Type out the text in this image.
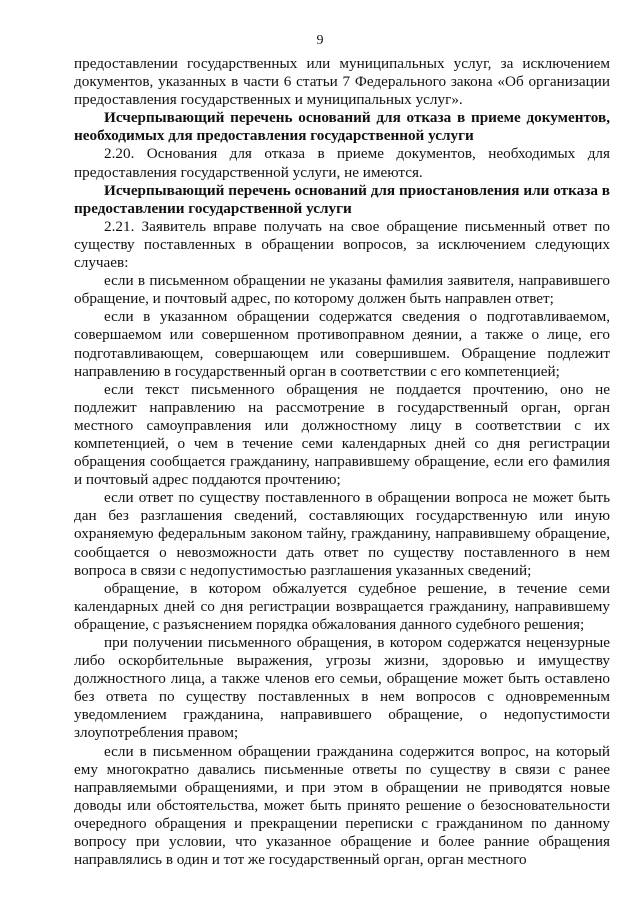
9

предоставлении государственных или муниципальных услуг, за исключением документов, указанных в части 6 статьи 7 Федерального закона «Об организации предоставления государственных и муниципальных услуг».

Исчерпывающий перечень оснований для отказа в приеме документов, необходимых для предоставления государственной услуги

2.20. Основания для отказа в приеме документов, необходимых для предоставления государственной услуги, не имеются.

Исчерпывающий перечень оснований для приостановления или отказа в предоставлении государственной услуги

2.21. Заявитель вправе получать на свое обращение письменный ответ по существу поставленных в обращении вопросов, за исключением следующих случаев:

если в письменном обращении не указаны фамилия заявителя, направившего обращение, и почтовый адрес, по которому должен быть направлен ответ;

если в указанном обращении содержатся сведения о подготавливаемом, совершаемом или совершенном противоправном деянии, а также о лице, его подготавливающем, совершающем или совершившем. Обращение подлежит направлению в государственный орган в соответствии с его компетенцией;

если текст письменного обращения не поддается прочтению, оно не подлежит направлению на рассмотрение в государственный орган, орган местного самоуправления или должностному лицу в соответствии с их компетенцией, о чем в течение семи календарных дней со дня регистрации обращения сообщается гражданину, направившему обращение, если его фамилия и почтовый адрес поддаются прочтению;

если ответ по существу поставленного в обращении вопроса не может быть дан без разглашения сведений, составляющих государственную или иную охраняемую федеральным законом тайну, гражданину, направившему обращение, сообщается о невозможности дать ответ по существу поставленного в нем вопроса в связи с недопустимостью разглашения указанных сведений;

обращение, в котором обжалуется судебное решение, в течение семи календарных дней со дня регистрации возвращается гражданину, направившему обращение, с разъяснением порядка обжалования данного судебного решения;

при получении письменного обращения, в котором содержатся нецензурные либо оскорбительные выражения, угрозы жизни, здоровью и имуществу должностного лица, а также членов его семьи, обращение может быть оставлено без ответа по существу поставленных в нем вопросов с одновременным уведомлением гражданина, направившего обращение, о недопустимости злоупотребления правом;

если в письменном обращении гражданина содержится вопрос, на который ему многократно давались письменные ответы по существу в связи с ранее направляемыми обращениями, и при этом в обращении не приводятся новые доводы или обстоятельства, может быть принято решение о безосновательности очередного обращения и прекращении переписки с гражданином по данному вопросу при условии, что указанное обращение и более ранние обращения направлялись в один и тот же государственный орган, орган местного
